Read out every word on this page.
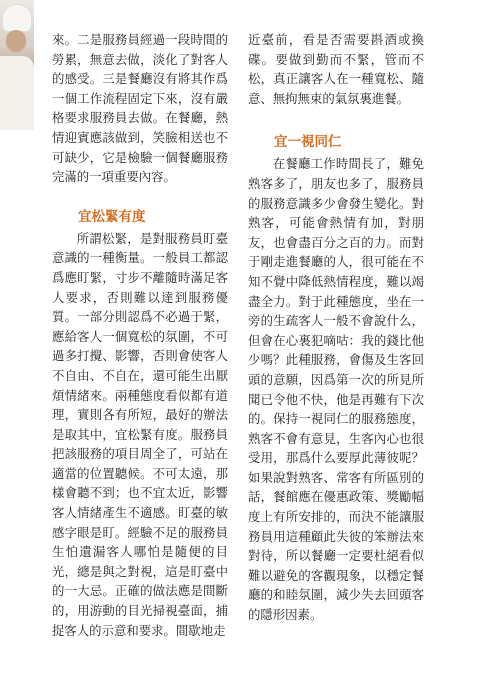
來。二是服務員經過一段時間的勞累，無意去做，淡化了對客人的感受。三是餐廳沒有將其作爲一個工作流程固定下來，沒有嚴格要求服務員去做。在餐廳，熱情迎賓應該做到，笑臉相送也不可缺少，它是檢驗一個餐廳服務完滿的一項重要內容。

宜松緊有度

所謂松緊，是對服務員盯臺意識的一種衡量。一般員工都認爲應盯緊，寸步不離隨時滿足客人要求，否則難以達到服務優質。一部分則認爲不必過于緊，應給客人一個寬松的氛圍，不可過多打攪、影響，否則會使客人不自由、不自在，還可能生出厭煩情緒來。兩種態度看似都有道理，實則各有所短，最好的辦法是取其中，宜松緊有度。服務員把該服務的項目周全了，可站在適當的位置聽候。不可太遠，那樣會聽不到；也不宜太近，影響客人情緒產生不適感。盯臺的敏感字眼是盯。經驗不足的服務員生怕遺漏客人哪怕是隨便的目光，總是與之對視，這是盯臺中的一大忌。正確的做法應是間斷的，用游動的目光掃視臺面，捕捉客人的示意和要求。間歇地走

近臺前，看是否需要斟酒或換碟。要做到勤而不緊，管而不松，真正讓客人在一種寬松、隨意、無拘無束的氣氛裏進餐。

宜一視同仁

在餐廳工作時間長了，難免熟客多了，朋友也多了，服務員的服務意識多少會發生變化。對熟客，可能會熱情有加，對朋友，也會盡百分之百的力。而對于剛走進餐廳的人，很可能在不知不覺中降低熱情程度，難以竭盡全力。對于此種態度，坐在一旁的生疏客人一般不會說什么，但會在心裏犯嘀咕：我的錢比他少嗎？此種服務，會傷及生客回頭的意願，因爲第一次的所見所聞已令他不快，他是再難有下次的。保持一視同仁的服務態度，熟客不會有意見，生客內心也很受用，那爲什么要厚此薄彼呢？如果說對熟客、常客有所區別的話，餐館應在優惠政策、獎勵幅度上有所安排的，而決不能讓服務員用這種顧此失彼的笨辦法來對待，所以餐廳一定要杜絕看似難以避免的客觀現象，以穩定餐廳的和睦氛圍，減少失去回頭客的隱形因素。
